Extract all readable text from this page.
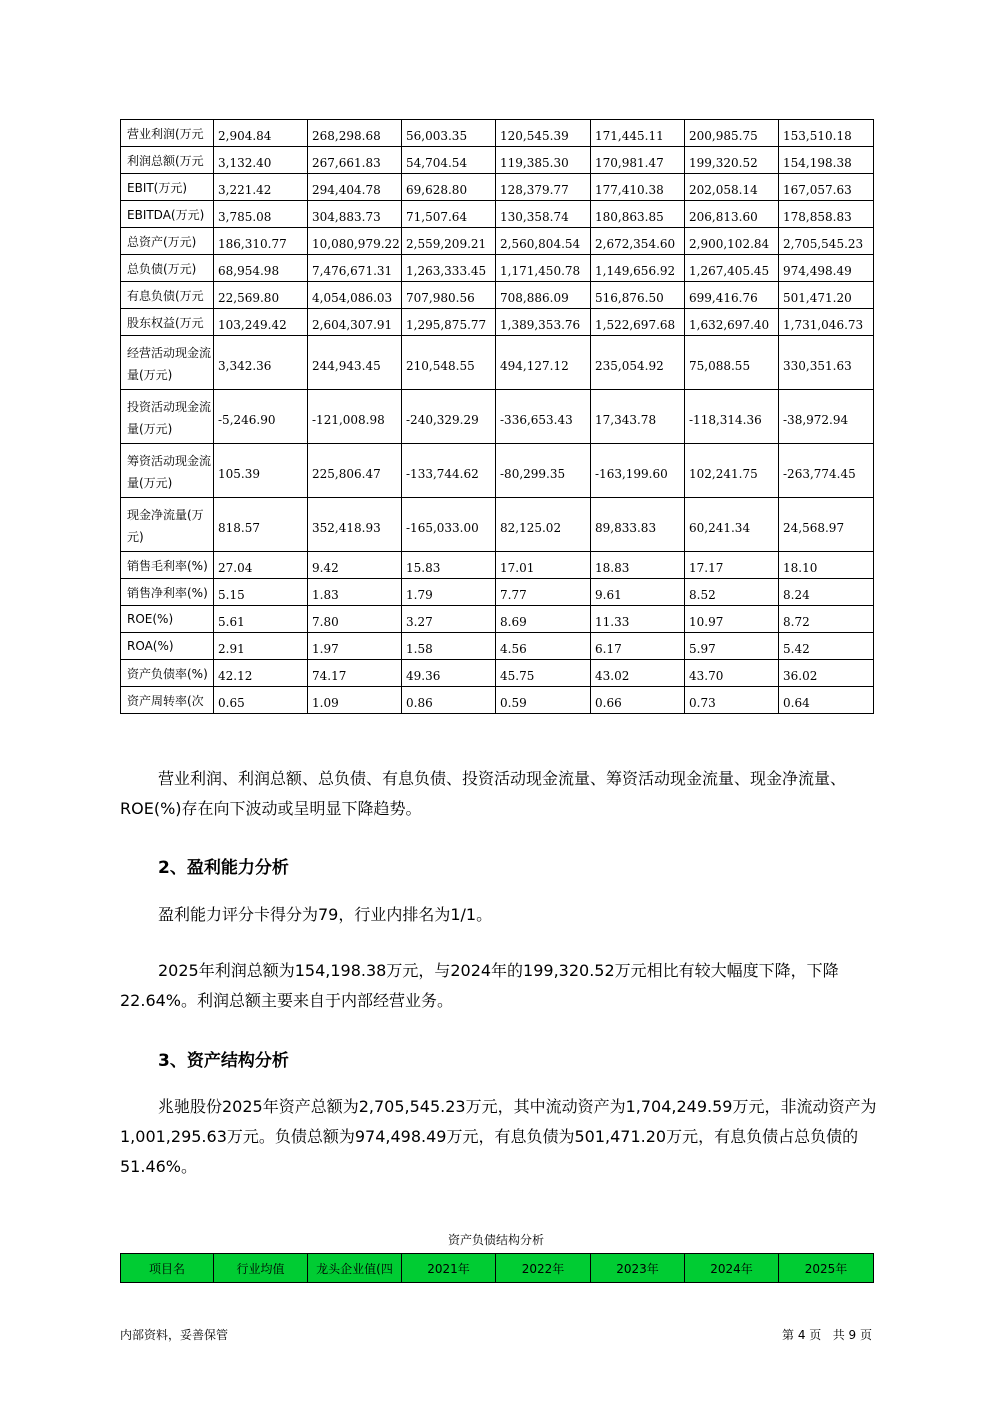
营业利润(万元	2,904.84	268,298.68	56,003.35	120,545.39	171,445.11	200,985.75	153,510.18
利润总额(万元	3,132.40	267,661.83	54,704.54	119,385.30	170,981.47	199,320.52	154,198.38
EBIT(万元)	3,221.42	294,404.78	69,628.80	128,379.77	177,410.38	202,058.14	167,057.63
EBITDA(万元)	3,785.08	304,883.73	71,507.64	130,358.74	180,863.85	206,813.60	178,858.83
总资产(万元)	186,310.77	10,080,979.22	2,559,209.21	2,560,804.54	2,672,354.60	2,900,102.84	2,705,545.23
总负债(万元)	68,954.98	7,476,671.31	1,263,333.45	1,171,450.78	1,149,656.92	1,267,405.45	974,498.49
有息负债(万元	22,569.80	4,054,086.03	707,980.56	708,886.09	516,876.50	699,416.76	501,471.20
股东权益(万元	103,249.42	2,604,307.91	1,295,875.77	1,389,353.76	1,522,697.68	1,632,697.40	1,731,046.73
经营活动现金流量(万元)	3,342.36	244,943.45	210,548.55	494,127.12	235,054.92	75,088.55	330,351.63
投资活动现金流量(万元)	-5,246.90	-121,008.98	-240,329.29	-336,653.43	17,343.78	-118,314.36	-38,972.94
筹资活动现金流量(万元)	105.39	225,806.47	-133,744.62	-80,299.35	-163,199.60	102,241.75	-263,774.45
现金净流量(万元)	818.57	352,418.93	-165,033.00	82,125.02	89,833.83	60,241.34	24,568.97
销售毛利率(%)	27.04	9.42	15.83	17.01	18.83	17.17	18.10
销售净利率(%)	5.15	1.83	1.79	7.77	9.61	8.52	8.24
ROE(%)	5.61	7.80	3.27	8.69	11.33	10.97	8.72
ROA(%)	2.91	1.97	1.58	4.56	6.17	5.97	5.42
资产负债率(%)	42.12	74.17	49.36	45.75	43.02	43.70	36.02
资产周转率(次	0.65	1.09	0.86	0.59	0.66	0.73	0.64
营业利润、利润总额、总负债、有息负债、投资活动现金流量、筹资活动现金流量、现金净流量、ROE(%)存在向下波动或呈明显下降趋势。
2、盈利能力分析
盈利能力评分卡得分为79，行业内排名为1/1。
2025年利润总额为154,198.38万元，与2024年的199,320.52万元相比有较大幅度下降，下降22.64%。利润总额主要来自于内部经营业务。
3、资产结构分析
兆驰股份2025年资产总额为2,705,545.23万元，其中流动资产为1,704,249.59万元，非流动资产为1,001,295.63万元。负债总额为974,498.49万元，有息负债为501,471.20万元，有息负债占总负债的51.46%。
资产负债结构分析
项目名	行业均值	龙头企业值(四	2021年	2022年	2023年	2024年	2025年
内部资料，妥善保管	第 4 页   共 9 页
